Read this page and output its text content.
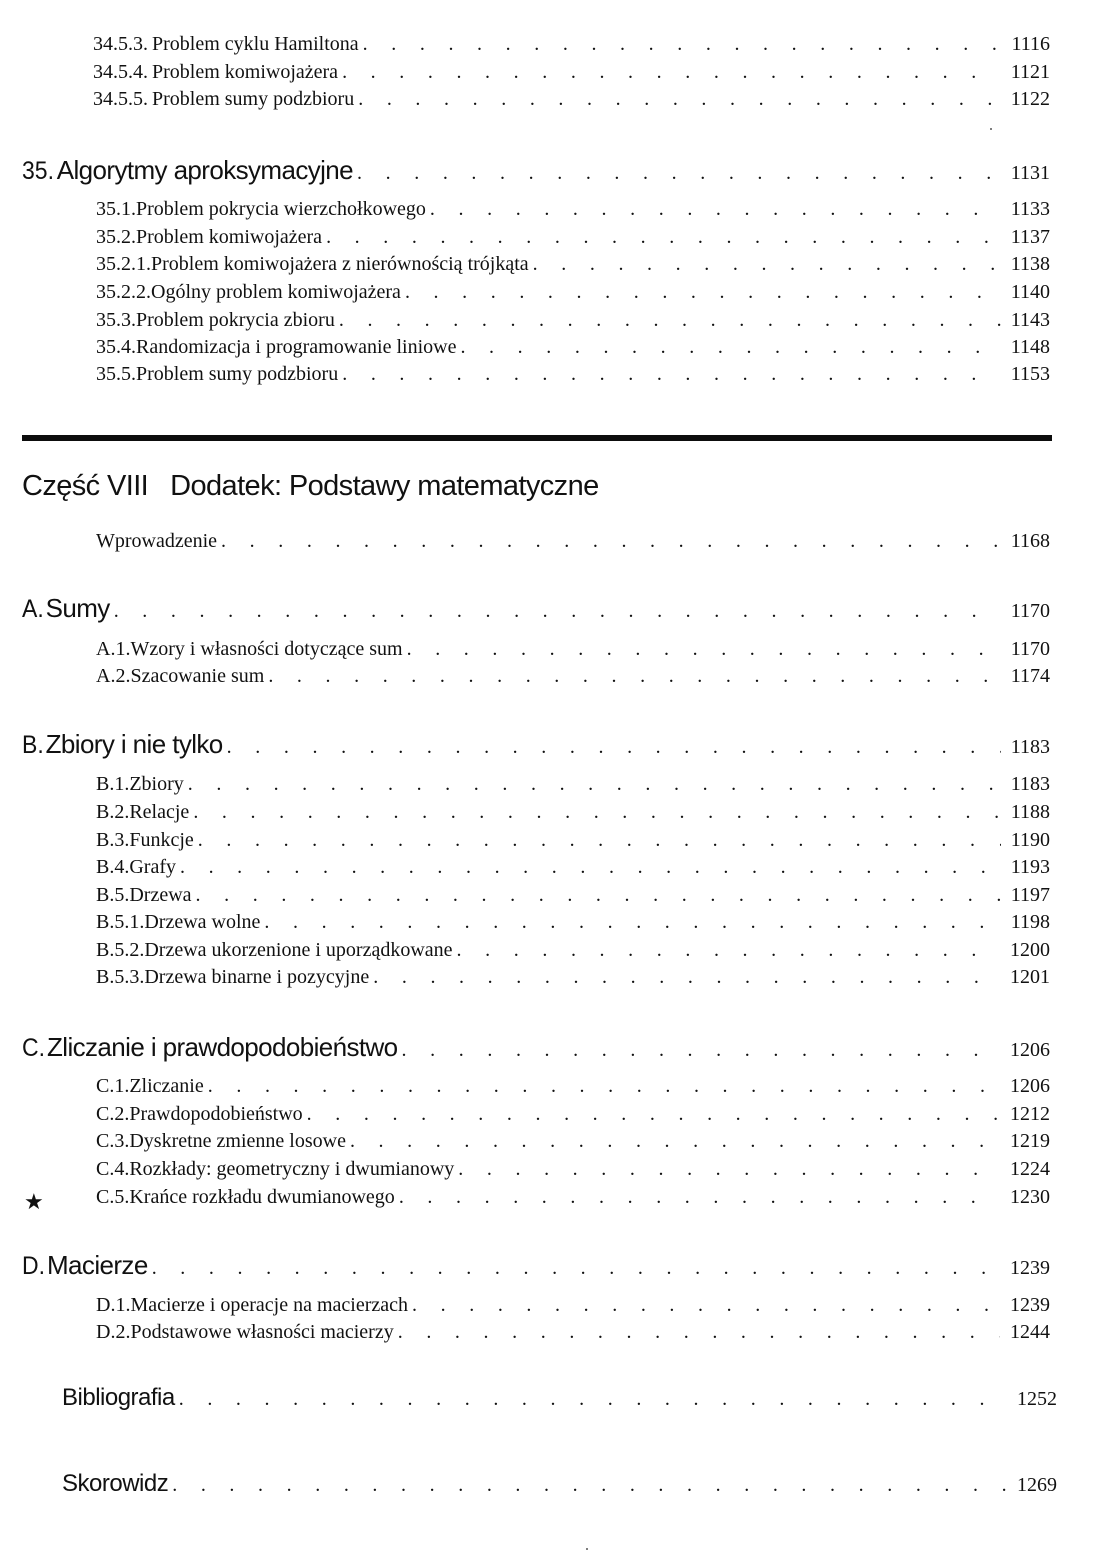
34.5.3. Problem cyklu Hamiltona . . .	1116
34.5.4. Problem komiwojażera . . .	1121
34.5.5. Problem sumy podzbioru . . .	1122
35. Algorytmy aproksymacyjne . . .	1131
35.1. Problem pokrycia wierzchołkowego . . .	1133
35.2. Problem komiwojażera . . .	1137
35.2.1. Problem komiwojażera z nierównością trójkąta . . .	1138
35.2.2. Ogólny problem komiwojażera . . .	1140
35.3. Problem pokrycia zbioru . . .	1143
35.4. Randomizacja i programowanie liniowe . . .	1148
35.5. Problem sumy podzbioru . . .	1153
Część VIII Dodatek: Podstawy matematyczne
Wprowadzenie . . .	1168
A. Sumy . . .	1170
A.1. Wzory i własności dotyczące sum . . .	1170
A.2. Szacowanie sum . . .	1174
B. Zbiory i nie tylko . . .	1183
B.1. Zbiory . . .	1183
B.2. Relacje . . .	1188
B.3. Funkcje . . .	1190
B.4. Grafy . . .	1193
B.5. Drzewa . . .	1197
B.5.1. Drzewa wolne . . .	1198
B.5.2. Drzewa ukorzenione i uporządkowane . . .	1200
B.5.3. Drzewa binarne i pozycyjne . . .	1201
C. Zliczanie i prawdopodobieństwo . . .	1206
C.1. Zliczanie . . .	1206
C.2. Prawdopodobieństwo . . .	1212
C.3. Dyskretne zmienne losowe . . .	1219
C.4. Rozkłady: geometryczny i dwumianowy . . .	1224
★	C.5. Krańce rozkładu dwumianowego . . .	1230
D. Macierze . . .	1239
D.1. Macierze i operacje na macierzach . . .	1239
D.2. Podstawowe własności macierzy . . .	1244
Bibliografia . . .	1252
Skorowidz . . .	1269
